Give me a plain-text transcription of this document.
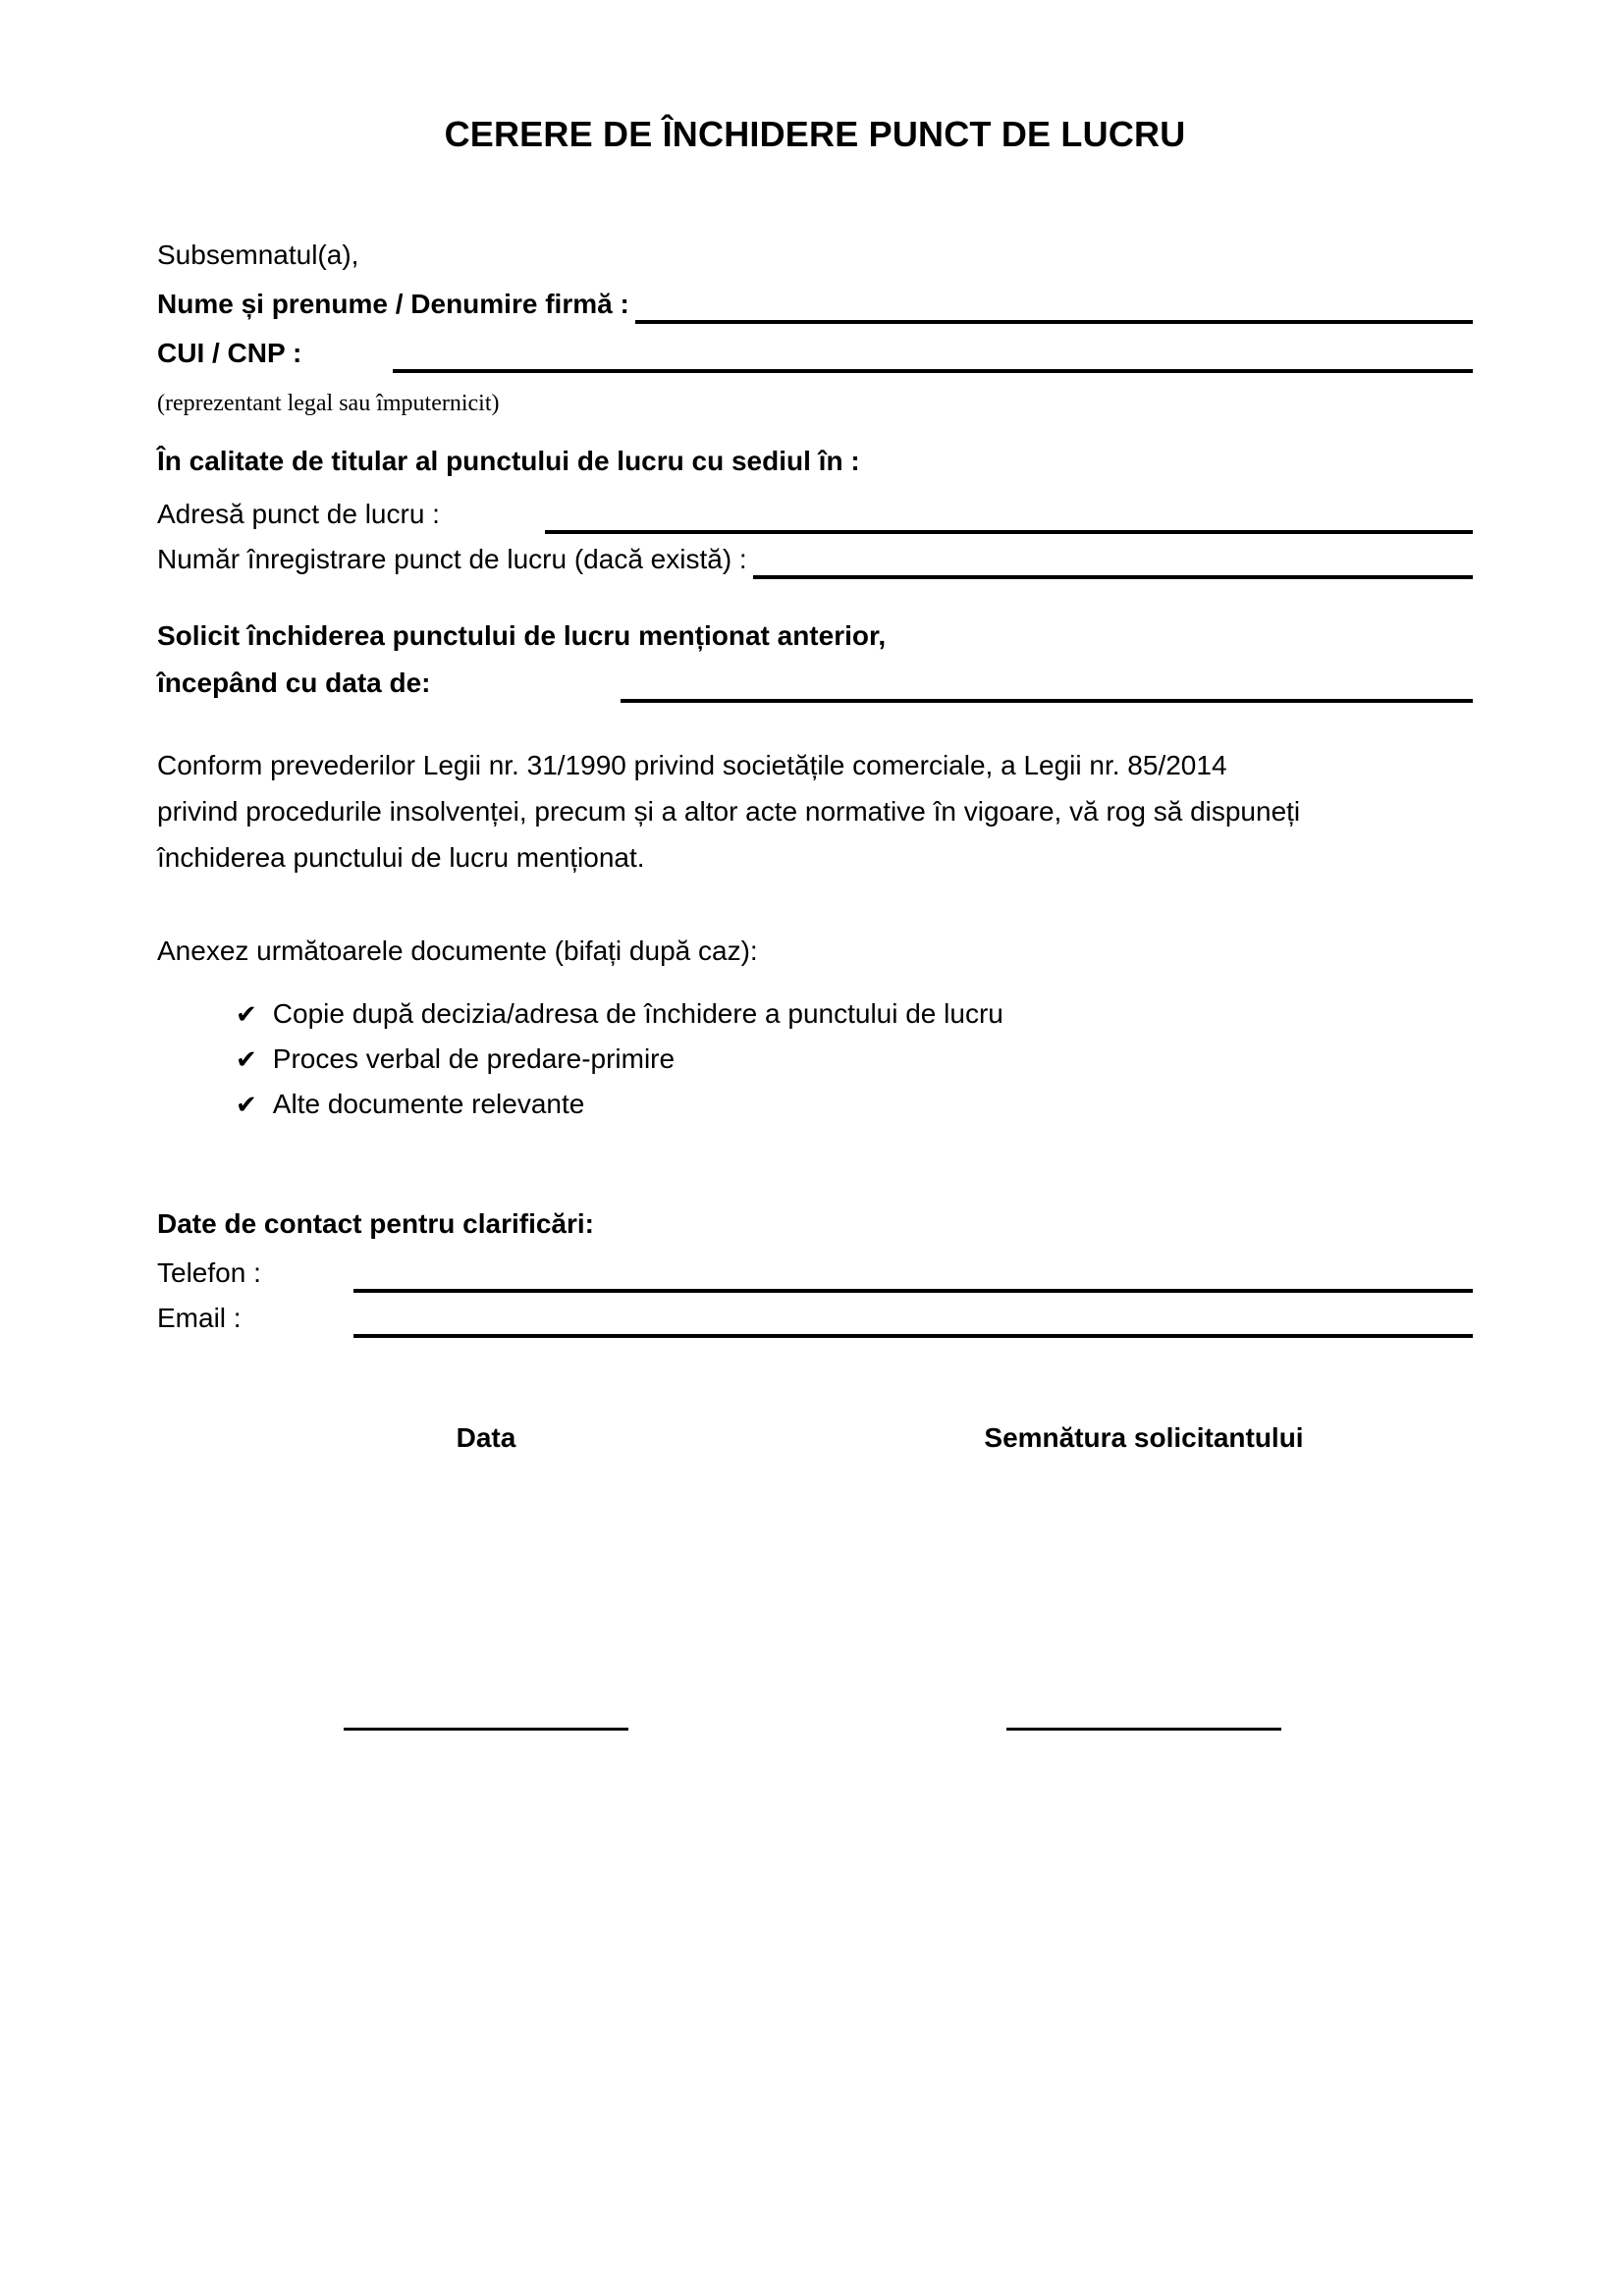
CERERE DE ÎNCHIDERE PUNCT DE LUCRU
Subsemnatul(a),
Nume și prenume / Denumire firmă :
CUI / CNP :
(reprezentant legal sau împuternicit)
În calitate de titular al punctului de lucru cu sediul în :
Adresă punct de lucru :
Număr înregistrare punct de lucru (dacă există) :
Solicit închiderea punctului de lucru menționat anterior,
începând cu data de:
Conform prevederilor Legii nr. 31/1990 privind societățile comerciale, a Legii nr. 85/2014
privind procedurile insolvenței, precum și a altor acte normative în vigoare, vă rog să dispuneți
închiderea punctului de lucru menționat.
Anexez următoarele documente (bifați după caz):
✔ Copie după decizia/adresa de închidere a punctului de lucru
✔ Proces verbal de predare-primire
✔ Alte documente relevante
Date de contact pentru clarificări:
Telefon :
Email :
Data	Semnătura solicitantului
